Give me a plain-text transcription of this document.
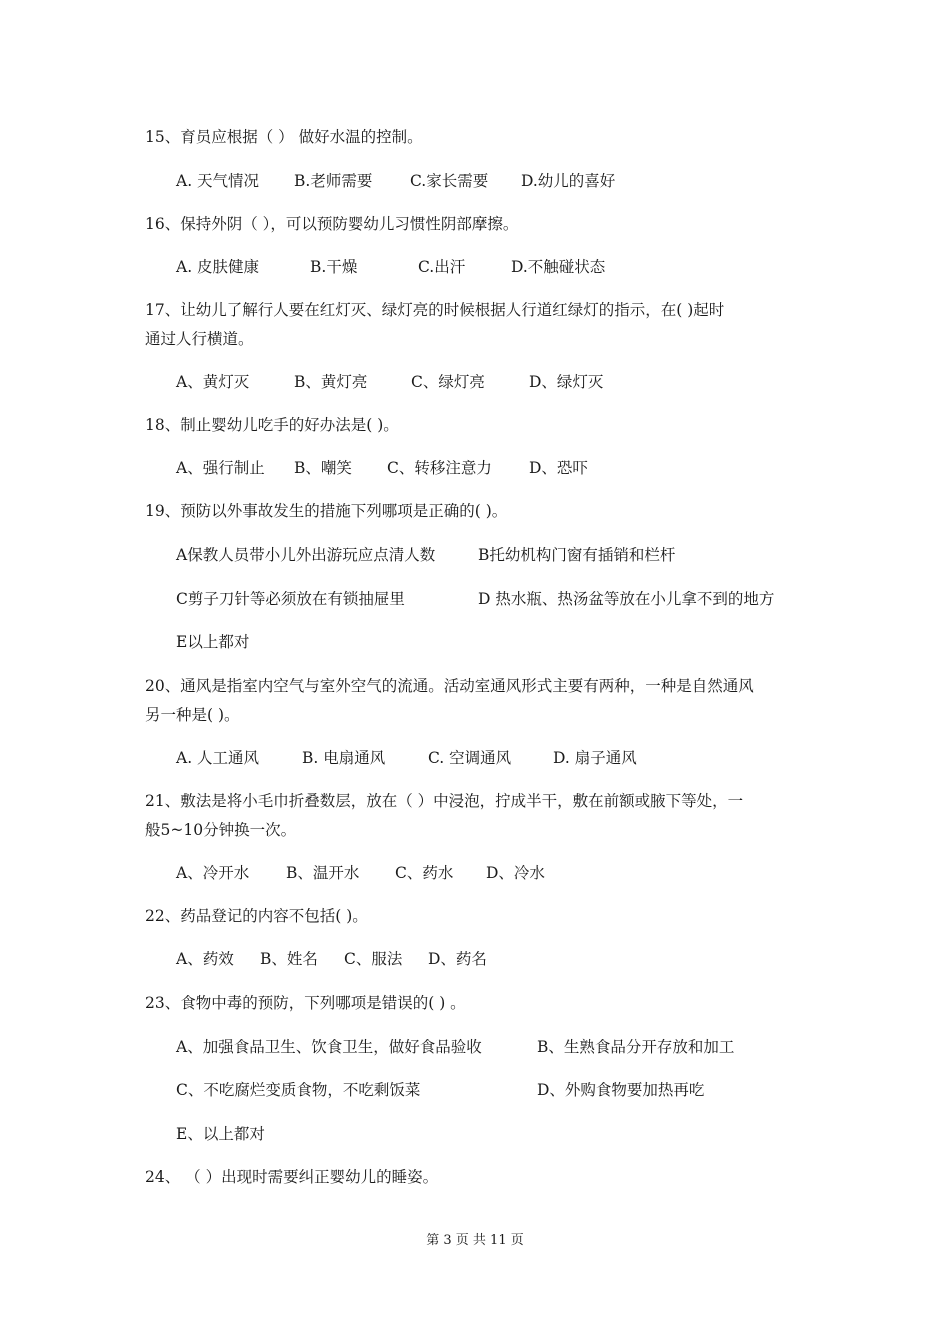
15、育员应根据（ ） 做好水温的控制。
A. 天气情况 B.老师需要 C.家长需要 D.幼儿的喜好
16、保持外阴（ ），可以预防婴幼儿习惯性阴部摩擦。
A. 皮肤健康	B.干燥	C.出汗	D.不触碰状态
17、让幼儿了解行人要在红灯灭、绿灯亮的时候根据人行道红绿灯的指示，在( )起时
通过人行横道。
A、黄灯灭	B、黄灯亮	C、绿灯亮	D、绿灯灭
18、制止婴幼儿吃手的好办法是( )。
A、强行制止 B、嘲笑 C、转移注意力 D、恐吓
19、预防以外事故发生的措施下列哪项是正确的( )。
A保教人员带小儿外出游玩应点清人数	B托幼机构门窗有插销和栏杆
C剪子刀针等必须放在有锁抽屉里	D 热水瓶、热汤盆等放在小儿拿不到的地方
E以上都对
20、通风是指室内空气与室外空气的流通。活动室通风形式主要有两种，一种是自然通风
另一种是( )。
A. 人工通风	B. 电扇通风	C. 空调通风	D. 扇子通风
21、敷法是将小毛巾折叠数层，放在（ ）中浸泡，拧成半干，敷在前额或腋下等处，一
般5~10分钟换一次。
A、冷开水 B、温开水 C、药水 D、冷水
22、药品登记的内容不包括( )。
A、药效 B、姓名 C、服法 D、药名
23、食物中毒的预防，下列哪项是错误的( ) 。
A、加强食品卫生、饮食卫生，做好食品验收	B、生熟食品分开存放和加工
C、不吃腐烂变质食物，不吃剩饭菜	D、外购食物要加热再吃
E、以上都对
24、 （ ）出现时需要纠正婴幼儿的睡姿。
第 3 页 共 11 页
